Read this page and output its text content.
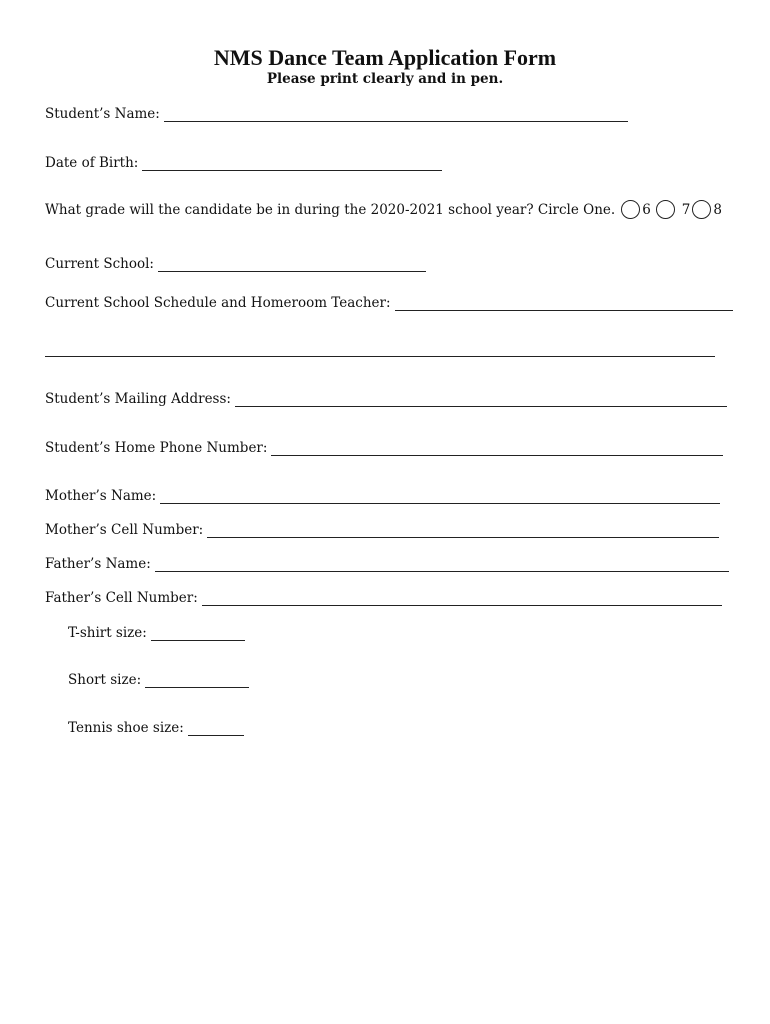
NMS Dance Team Application Form
Please print clearly and in pen.
Student’s Name:
Date of Birth:
What grade will the candidate be in during the 2020-2021 school year? Circle One. 6 7 8
Current School:
Current School Schedule and Homeroom Teacher:
Student’s Mailing Address:
Student’s Home Phone Number:
Mother’s Name:
Mother’s Cell Number:
Father’s Name:
Father’s Cell Number:
T-shirt size:
Short size:
Tennis shoe size:
